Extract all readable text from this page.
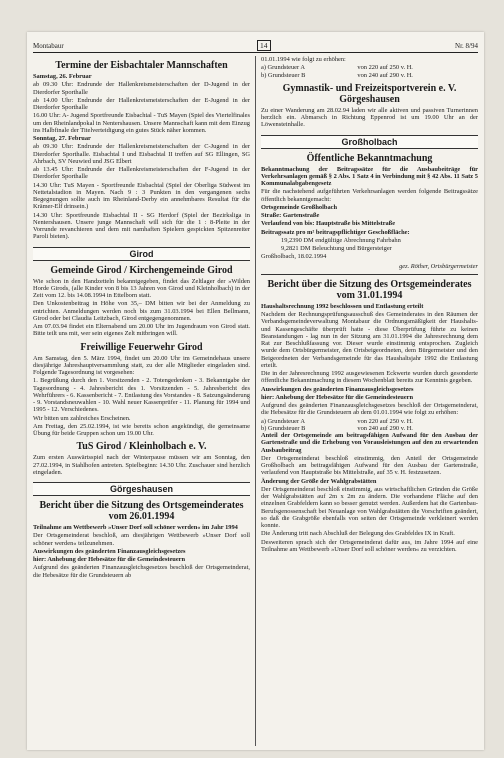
Montabaur	14	Nr. 8/94
Termine der Eisbachtaler Mannschaften
Samstag, 26. Februar
ab 09.30 Uhr: Endrunde der Hallenkreismeisterschaften der D-Jugend in der Dierdorfer Sporthalle
ab 14.00 Uhr: Endrunde der Hallenkreismeisterschaften der E-Jugend in der Dierdorfer Sporthalle
16.00 Uhr: A- Jugend Sportfreunde Eisbachtal - TuS Mayen (Spiel des Viertelfinales um den Rheinlandpokal in Nentershausen. Unsere Mannschaft kann mit dem Einzug ins Halbfinale der Titelverteidigung ein gutes Stück näher kommen.
Sonntag, 27. Februar
ab 09.30 Uhr: Endrunde der Hallenkreismeisterschaften der C-Jugend in der Dierdorfer Sporthalle. Eisbachtal I und Eisbachtal II treffen auf SG Ellingen, SG Ahrbach, SV Neuwied und JSG Elbert
ab 13.45 Uhr: Endrunde der Hallenkreismeisterschaften der F-Jugend in der Dierdorfer Sporthalle
14.30 Uhr: TuS Mayen - Sportfreunde Eisbachtal (Spiel der Oberliga Südwest im Nettetalstadion in Mayen. Nach 9 : 3 Punkten in den vergangenen sechs Begegnungen sollte auch im Rheinland-Derby ein annehmbares Resultat für die Krämer-Elf drinsein.)
14.30 Uhr: Sportfreunde Eisbachtal II - SG Herdorf (Spiel der Bezirksliga in Nentershausen. Unsere junge Mannschaft will sich für die 1 : 8-Pleite in der Vorrunde revanchieren und dem mit namhaften Spielern gespickten Spitzenreiter Paroli bieten).
Girod
Gemeinde Girod / Kirchengemeinde Girod
Wie schon in den Handzetteln bekanntgegeben, findet das Zeltlager der »Wilden Horde Girods, (alle Kinder von 8 bis 13 Jahren von Girod und Kleinholbach) in der Zeit vom 12. bis 14.08.1994 in Ettelborn statt.
Den Unkostenbeitrag in Höhe von 35,– DM bitten wir bei der Anmeldung zu entrichten. Anmeldungen werden noch bis zum 31.03.1994 bei Ellen Bellmann, Girod oder bei Claudia Leitzbach, Girod entgegengenommen.
Am 07.03.94 findet ein Elternabend um 20.00 Uhr im Jugendraum von Girod statt. Bitte teilt uns mit, wer sein eigenes Zelt mitbringen will.
Freiwillige Feuerwehr Girod
Am Samstag, den 5. März 1994, findet um 20.00 Uhr im Gemeindehaus unsere diesjährige Jahreshauptversammlung statt, zu der alle Mitglieder eingeladen sind. Folgende Tagesordnung ist vorgesehen:
1. Begrüßung durch den 1. Vorsitzenden - 2. Totengedenken - 3. Bekanntgabe der Tagesordnung - 4. Jahresbericht des 1. Vorsitzenden - 5. Jahresbericht des Wehrführers - 6. Kassenbericht - 7. Entlastung des Vorstandes - 8. Satzungsänderung - 9. Vorstandsneuwahlen - 10. Wahl neuer Kassenprüfer - 11. Planung für 1994 und 1995 - 12. Verschiedenes.
Wir bitten um zahlreiches Erscheinen.
Am Freitag, den 25.02.1994, ist wie bereits schon angekündigt, die gemeinsame Übung für beide Gruppen schon um 19.00 Uhr.
TuS Girod / Kleinholbach e. V.
Zum ersten Auswärtsspiel nach der Winterpause müssen wir am Sonntag, den 27.02.1994, in Stahlhofen antreten. Spielbeginn: 14.30 Uhr. Zuschauer sind herzlich eingeladen.
Görgeshausen
Bericht über die Sitzung des Ortsgemeinderates vom 26.01.1994
Teilnahme am Wettbewerb »Unser Dorf soll schöner werden« im Jahr 1994
Der Ortsgemeinderat beschloß, am diesjährigen Wettbewerb »Unser Dorf soll schöner werden« teilzunehmen.
Auswirkungen des geänderten Finanzausgleichsgesetzes
hier: Anhebung der Hebesätze für die Gemeindesteuern
Aufgrund des geänderten Finanzausgleichsgesetzes beschloß der Ortsgemeinderat, die Hebesätze für die Grundsteuern ab
01.01.1994 wie folgt zu erhöhen:
a) Grundsteuer A	von 220 auf 250 v. H.
b) Grundsteuer B	von 240 auf 290 v. H.
Gymnastik- und Freizeitsportverein e. V. Görgeshausen
Zu einer Wanderung am 28.02.94 laden wir alle aktiven und passiven Turnerinnen herzlich ein. Abmarsch in Richtung Eppenrod ist um 19.00 Uhr an der Löwensteinhalle.
Großholbach
Öffentliche Bekanntmachung
Bekanntmachung der Beitragssätze für die Ausbaubeiträge für Verkehrsanlagen gemäß § 2 Abs. 1 Satz 4 in Verbindung mit § 42 Abs. 11 Satz 5 Kommunalabgabengesetz
Für die nachstehend aufgeführten Verkehrsanlagen werden folgende Beitragssätze öffentlich bekanntgemacht:
Ortsgemeinde Großholbach
Straße: Gartenstraße
Verlaufend von bis: Hauptstraße bis Mittelstraße
Beitragssatz pro m² beitragspflichtiger Geschoßfläche:
19,2390 DM endgültige Abrechnung Fahrbahn
9,2821 DM Beleuchtung und Bürgersteiger
Großholbach, 18.02.1994
gez. Röther, Ortsbürgermeister
Bericht über die Sitzung des Ortsgemeinderates vom 31.01.1994
Haushaltsrechnung 1992 beschlossen und Entlastung erteilt
Nachdem der Rechnungsprüfungsausschuß des Gemeinderates in den Räumen der Verbandsgemeindeverwaltung Montabaur die Ordnungsmäßigkeit der Haushalts- und Kassengeschäfte überprüft hatte - diese Überprüfung führte zu keinen Beanstandungen - lag nun in der Sitzung am 31.01.1994 die Jahresrechnung dem Rat zur Beschlußfassung vor. Dieser wurde einstimmig entsprochen. Zugleich wurde dem Ortsbürgermeister, den Ortsbeigeordneten, dem Bürgermeister und den Beigeordneten der Verbandsgemeinde für das Haushaltsjahr 1992 die Entlastung erteilt.
Die in der Jahresrechnung 1992 ausgewiesenen Eckwerte wurden durch gesonderte öffentliche Bekanntmachung in diesem Wochenblatt bereits zur Kenntnis gegeben.
Auswirkungen des geänderten Finanzausgleichsgesetzes
hier: Anhebung der Hebesätze für die Gemeindesteuern
Aufgrund des geänderten Finanzausgleichsgesetzes beschloß der Ortsgemeinderat, die Hebesätze für die Grundsteuern ab dem 01.01.1994 wie folgt zu erhöhen:
a) Grundsteuer A	von 220 auf 250 v. H.
b) Grundsteuer B	von 240 auf 290 v. H.
Anteil der Ortsgemeinde am beitragsfähigen Aufwand für den Ausbau der Gartenstraße und die Erhebung von Vorausleistungen auf den zu erwartenden Ausbaubeitrag
Der Ortsgemeinderat beschloß einstimmig, den Anteil der Ortsgemeinde Großholbach am beitragsfähigen Aufwand für den Ausbau der Gartenstraße, verlaufend von Hauptstraße bis Mittelstraße, auf 35 v. H. festzusetzen.
Änderung der Größe der Wahlgrabstätten
Der Ortsgemeinderat beschloß einstimmig, aus wirtschaftlichen Gründen die Größe der Wahlgrabstätten auf 2m x 2m zu ändern. Die vorhandene Fläche auf den einzelnen Grabfeldern kann so besser genutzt werden. Außerdem hat die Gartenbau-Berufsgenossenschaft bei Neuanlage von Wahlgrabstätten die Vorschriften geändert, so daß die Grabgröße ebenfalls von seiten der Ortsgemeinde verkleinert werden konnte.
Die Änderung tritt nach Abschluß der Belegung des Grabfeldes IX in Kraft.
Desweiteren sprach sich der Ortsgemeinderat dafür aus, im Jahre 1994 auf eine Teilnahme am Wettbewerb »Unser Dorf soll schöner werden« zu verzichten.
